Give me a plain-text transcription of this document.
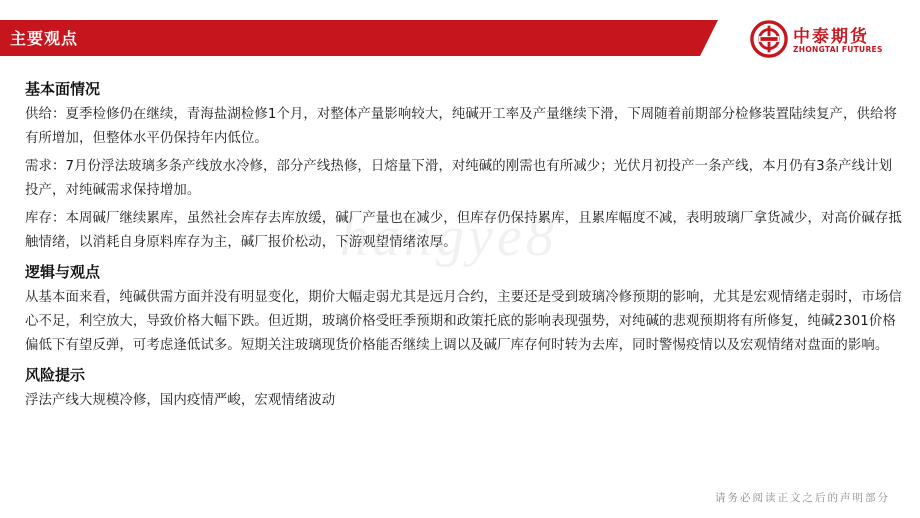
主要观点	中泰期货
ZHONGTAI FUTURES
hangye8
基本面情况
供给：夏季检修仍在继续，青海盐湖检修1个月，对整体产量影响较大，纯碱开工率及产量继续下滑，下周随着前期部分检修装置陆续复产，供给将有所增加，但整体水平仍保持年内低位。
需求：7月份浮法玻璃多条产线放水冷修，部分产线热修，日熔量下滑，对纯碱的刚需也有所减少；光伏月初投产一条产线，本月仍有3条产线计划投产，对纯碱需求保持增加。
库存：本周碱厂继续累库，虽然社会库存去库放缓，碱厂产量也在减少，但库存仍保持累库，且累库幅度不减，表明玻璃厂拿货减少，对高价碱存抵触情绪，以消耗自身原料库存为主，碱厂报价松动，下游观望情绪浓厚。
逻辑与观点
从基本面来看，纯碱供需方面并没有明显变化，期价大幅走弱尤其是远月合约，主要还是受到玻璃冷修预期的影响，尤其是宏观情绪走弱时，市场信心不足，利空放大，导致价格大幅下跌。但近期，玻璃价格受旺季预期和政策托底的影响表现强势，对纯碱的悲观预期将有所修复，纯碱2301价格偏低下有望反弹，可考虑逢低试多。短期关注玻璃现货价格能否继续上调以及碱厂库存何时转为去库，同时警惕疫情以及宏观情绪对盘面的影响。
风险提示
浮法产线大规模冷修，国内疫情严峻，宏观情绪波动
请务必阅读正文之后的声明部分
